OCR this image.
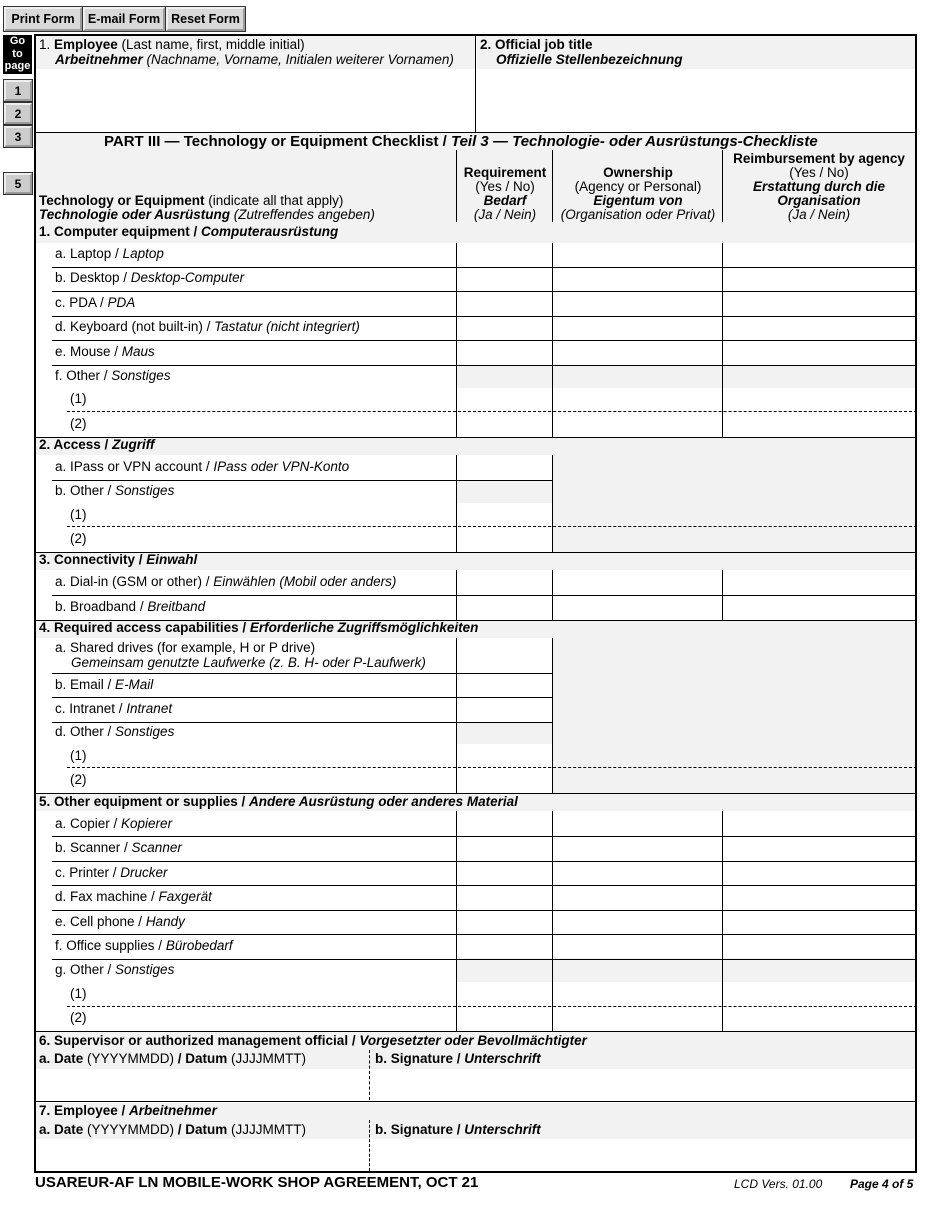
Print Form	E-mail Form Reset Form
Go
to
page
1
2
3
5
1. Employee (Last name, first, middle initial)
Arbeitnehmer (Nachname, Vorname, Initialen weiterer Vornamen)
2. Official job title
Offizielle Stellenbezeichnung
PART III — Technology or Equipment Checklist / Teil 3 — Technologie- oder Ausrüstungs-Checkliste
Technology or Equipment (indicate all that apply)
Technologie oder Ausrüstung (Zutreffendes angeben)
Requirement
(Yes / No)
Bedarf
(Ja / Nein)
Ownership
(Agency or Personal)
Eigentum von
(Organisation oder Privat)
Reimbursement by agency
(Yes / No)
Erstattung durch die
Organisation
(Ja / Nein)
1. Computer equipment / Computerausrüstung
a. Laptop / Laptop
b. Desktop / Desktop-Computer
c. PDA / PDA
d. Keyboard (not built-in) / Tastatur (nicht integriert)
e. Mouse / Maus
f. Other / Sonstiges
(1)
(2)
2. Access / Zugriff
a. IPass or VPN account / IPass oder VPN-Konto
b. Other / Sonstiges
(1)
(2)
3. Connectivity / Einwahl
a. Dial-in (GSM or other) / Einwählen (Mobil oder anders)
b. Broadband / Breitband
4. Required access capabilities / Erforderliche Zugriffsmöglichkeiten
a. Shared drives (for example, H or P drive)
Gemeinsam genutzte Laufwerke (z. B. H- oder P-Laufwerk)
b. Email / E-Mail
c. Intranet / Intranet
d. Other / Sonstiges
(1)
(2)
5. Other equipment or supplies / Andere Ausrüstung oder anderes Material
a. Copier / Kopierer
b. Scanner / Scanner
c. Printer / Drucker
d. Fax machine / Faxgerät
e. Cell phone / Handy
f. Office supplies / Bürobedarf
g. Other / Sonstiges
(1)
(2)
6. Supervisor or authorized management official / Vorgesetzter oder Bevollmächtigter
a. Date (YYYYMMDD) / Datum (JJJJMMTT)	b. Signature / Unterschrift
7. Employee / Arbeitnehmer
a. Date (YYYYMMDD) / Datum (JJJJMMTT)	b. Signature / Unterschrift
USAREUR-AF LN MOBILE-WORK SHOP AGREEMENT, OCT 21	LCD Vers. 01.00 Page 4 of 5
